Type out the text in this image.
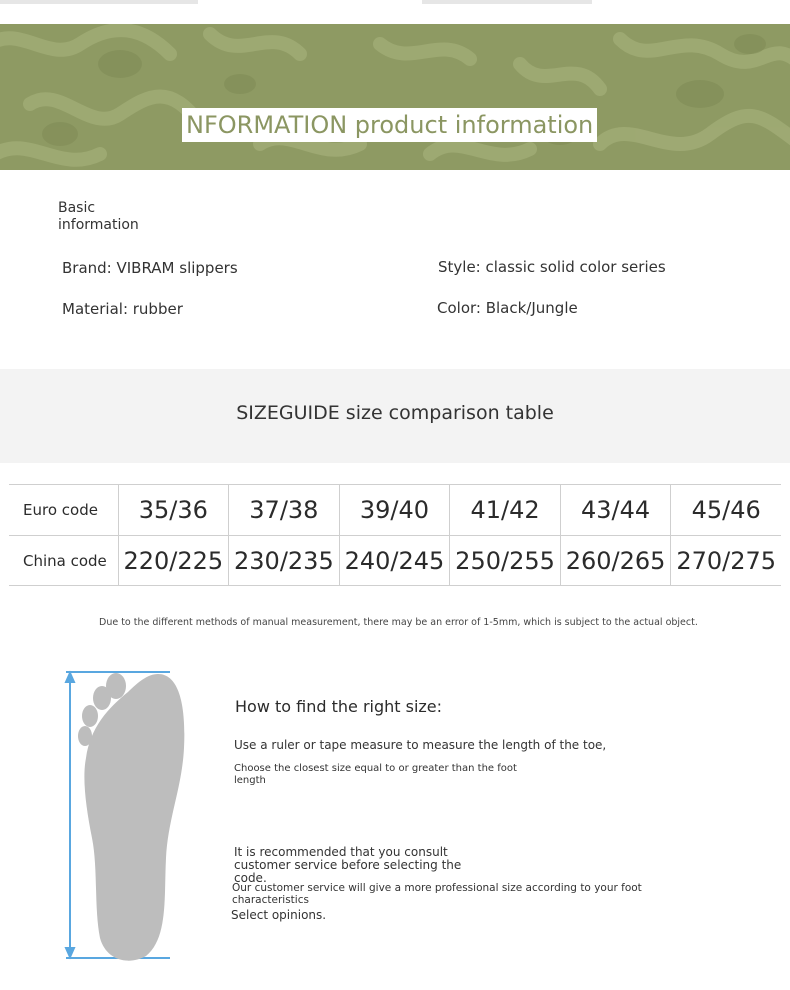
NFORMATION product information
Basic information
Brand: VIBRAM slippers
Material: rubber
Style: classic solid color series
Color: Black/Jungle
SIZEGUIDE size comparison table
Euro code	35/36	37/38	39/40	41/42	43/44	45/46
China code	220/225	230/235	240/245	250/255	260/265	270/275
Due to the different methods of manual measurement, there may be an error of 1-5mm, which is subject to the actual object.
How to find the right size:
Use a ruler or tape measure to measure the length of the toe,
Choose the closest size equal to or greater than the foot length
It is recommended that you consult customer service before selecting the code.
Our customer service will give a more professional size according to your foot characteristics
Select opinions.
